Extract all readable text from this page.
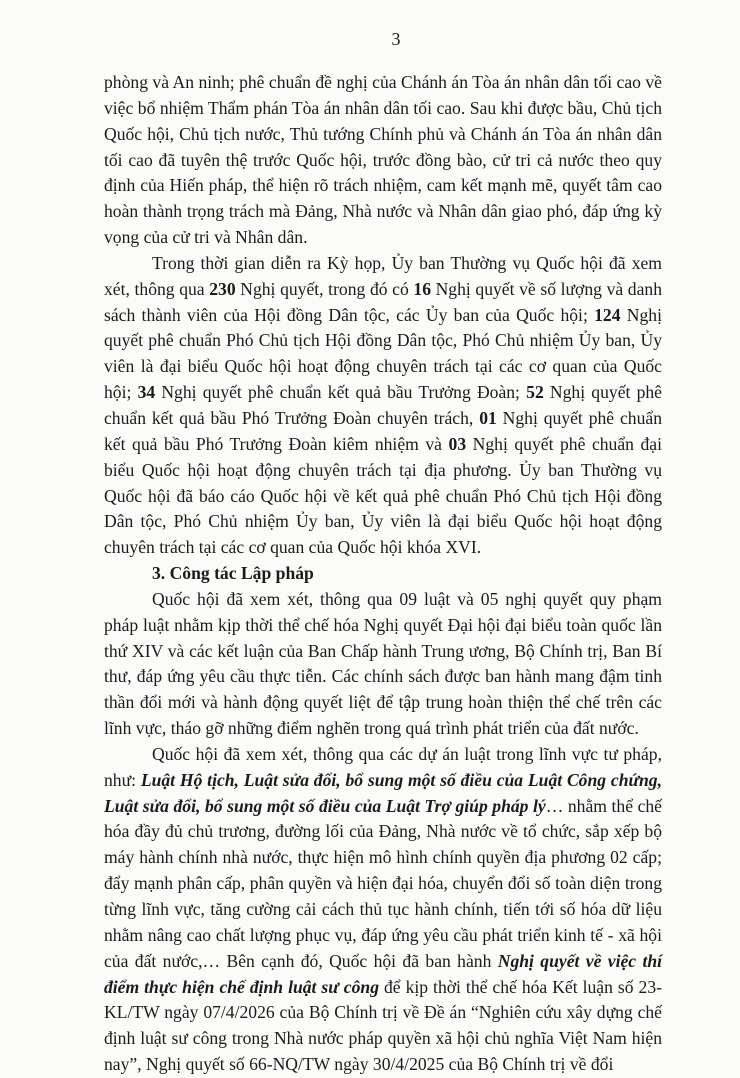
3

phòng và An ninh; phê chuẩn đề nghị của Chánh án Tòa án nhân dân tối cao về việc bổ nhiệm Thẩm phán Tòa án nhân dân tối cao. Sau khi được bầu, Chủ tịch Quốc hội, Chủ tịch nước, Thủ tướng Chính phủ và Chánh án Tòa án nhân dân tối cao đã tuyên thệ trước Quốc hội, trước đồng bào, cử tri cả nước theo quy định của Hiến pháp, thể hiện rõ trách nhiệm, cam kết mạnh mẽ, quyết tâm cao hoàn thành trọng trách mà Đảng, Nhà nước và Nhân dân giao phó, đáp ứng kỳ vọng của cử tri và Nhân dân.

Trong thời gian diễn ra Kỳ họp, Ủy ban Thường vụ Quốc hội đã xem xét, thông qua 230 Nghị quyết, trong đó có 16 Nghị quyết về số lượng và danh sách thành viên của Hội đồng Dân tộc, các Ủy ban của Quốc hội; 124 Nghị quyết phê chuẩn Phó Chủ tịch Hội đồng Dân tộc, Phó Chủ nhiệm Ủy ban, Ủy viên là đại biểu Quốc hội hoạt động chuyên trách tại các cơ quan của Quốc hội; 34 Nghị quyết phê chuẩn kết quả bầu Trưởng Đoàn; 52 Nghị quyết phê chuẩn kết quả bầu Phó Trưởng Đoàn chuyên trách, 01 Nghị quyết phê chuẩn kết quả bầu Phó Trưởng Đoàn kiêm nhiệm và 03 Nghị quyết phê chuẩn đại biểu Quốc hội hoạt động chuyên trách tại địa phương. Ủy ban Thường vụ Quốc hội đã báo cáo Quốc hội về kết quả phê chuẩn Phó Chủ tịch Hội đồng Dân tộc, Phó Chủ nhiệm Ủy ban, Ủy viên là đại biểu Quốc hội hoạt động chuyên trách tại các cơ quan của Quốc hội khóa XVI.

3. Công tác Lập pháp

Quốc hội đã xem xét, thông qua 09 luật và 05 nghị quyết quy phạm pháp luật nhằm kịp thời thể chế hóa Nghị quyết Đại hội đại biểu toàn quốc lần thứ XIV và các kết luận của Ban Chấp hành Trung ương, Bộ Chính trị, Ban Bí thư, đáp ứng yêu cầu thực tiễn. Các chính sách được ban hành mang đậm tinh thần đổi mới và hành động quyết liệt để tập trung hoàn thiện thể chế trên các lĩnh vực, tháo gỡ những điểm nghẽn trong quá trình phát triển của đất nước.

Quốc hội đã xem xét, thông qua các dự án luật trong lĩnh vực tư pháp, như: Luật Hộ tịch, Luật sửa đổi, bổ sung một số điều của Luật Công chứng, Luật sửa đổi, bổ sung một số điều của Luật Trợ giúp pháp lý… nhằm thể chế hóa đầy đủ chủ trương, đường lối của Đảng, Nhà nước về tổ chức, sắp xếp bộ máy hành chính nhà nước, thực hiện mô hình chính quyền địa phương 02 cấp; đẩy mạnh phân cấp, phân quyền và hiện đại hóa, chuyển đổi số toàn diện trong từng lĩnh vực, tăng cường cải cách thủ tục hành chính, tiến tới số hóa dữ liệu nhằm nâng cao chất lượng phục vụ, đáp ứng yêu cầu phát triển kinh tế - xã hội của đất nước,… Bên cạnh đó, Quốc hội đã ban hành Nghị quyết về việc thí điểm thực hiện chế định luật sư công để kịp thời thể chế hóa Kết luận số 23-KL/TW ngày 07/4/2026 của Bộ Chính trị về Đề án “Nghiên cứu xây dựng chế định luật sư công trong Nhà nước pháp quyền xã hội chủ nghĩa Việt Nam hiện nay”, Nghị quyết số 66-NQ/TW ngày 30/4/2025 của Bộ Chính trị về đổi
